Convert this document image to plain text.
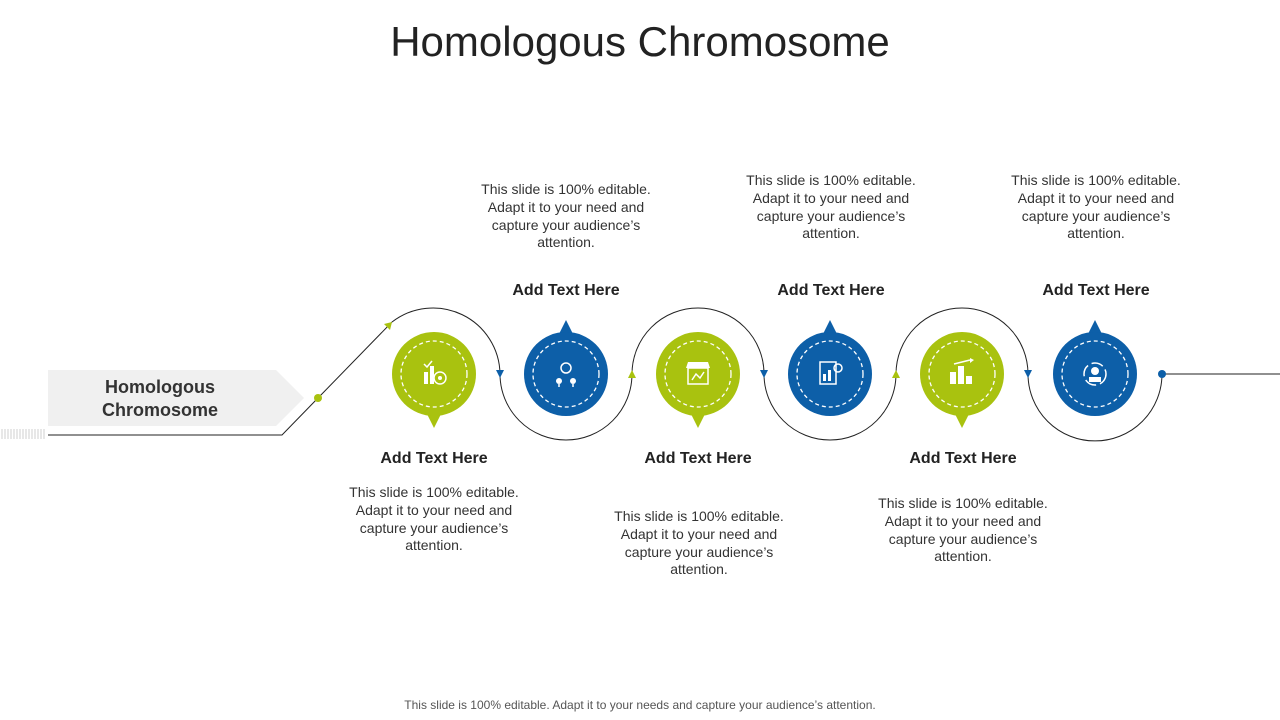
Homologous Chromosome
Homologous Chromosome
Add Text Here
This slide is 100% editable. Adapt it to your need and capture your audience’s attention.
This slide is 100% editable. Adapt it to your need and capture your audience’s attention.
Add Text Here
Add Text Here
This slide is 100% editable. Adapt it to your need and capture your audience’s attention.
This slide is 100% editable. Adapt it to your need and capture your audience’s attention.
Add Text Here
Add Text Here
This slide is 100% editable. Adapt it to your need and capture your audience’s attention.
This slide is 100% editable. Adapt it to your need and capture your audience’s attention.
Add Text Here
This slide is 100% editable. Adapt it to your needs and capture your audience’s attention.
